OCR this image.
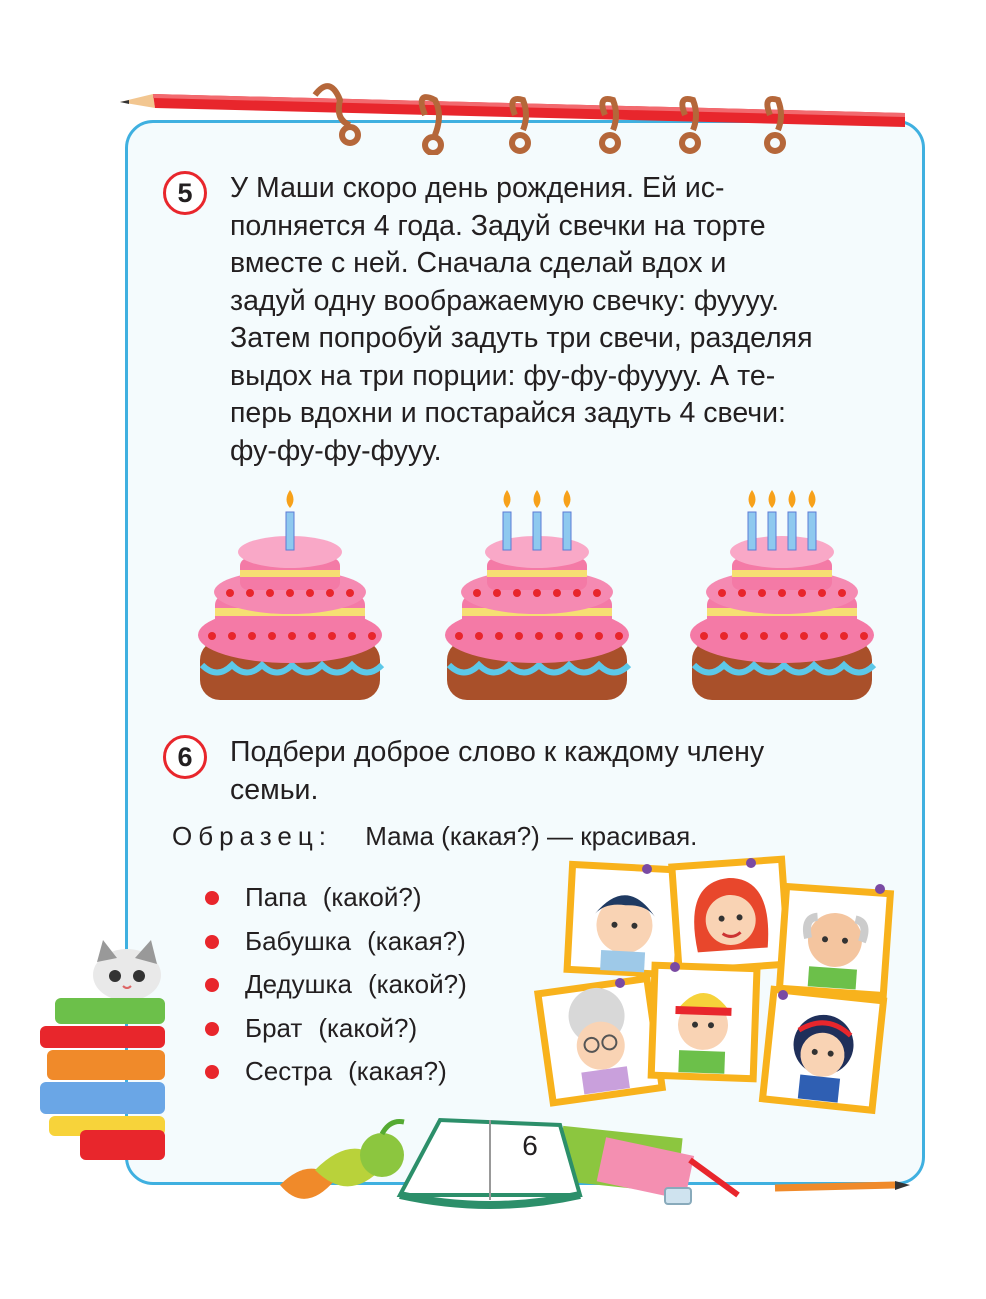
5	У Маши скоро день рождения. Ей ис-
полняется 4 года. Задуй свечки на торте
вместе с ней. Сначала сделай вдох и
задуй одну воображаемую свечку: фуууу.
Затем попробуй задуть три свечи, разделяя
выдох на три порции: фу-фу-фуууу. А те-
перь вдохни и постарайся задуть 4 свечи:
фу-фу-фу-фууу.
6	Подбери доброе слово к каждому члену
семьи.
Образец: Мама (какая?) — красивая.
Папа (какой?)
Бабушка (какая?)
Дедушка (какой?)
Брат (какой?)
Сестра (какая?)
6
